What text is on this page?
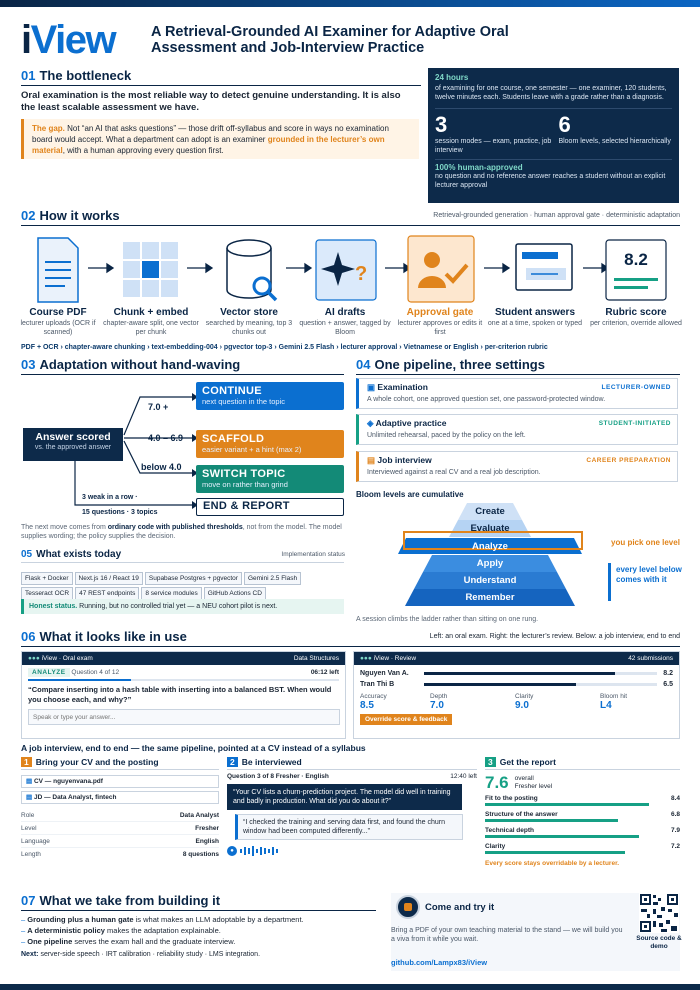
iView A Retrieval-Grounded AI Examiner for Adaptive Oral Assessment and Job-Interview Practice
01 The bottleneck
Oral examination is the most reliable way to detect genuine understanding. It is also the least scalable assessment we have.
The gap. Not “an AI that asks questions” — those drift off-syllabus and score in ways no examination board would accept. What a department can adopt is an examiner grounded in the lecturer’s own material, with a human approving every question first.
24 hours
of examining for one course, one semester — one examiner, 120 students, twelve minutes each. Students leave with a grade rather than a diagnosis.
3
session modes — exam, practice, job interview
6
Bloom levels, selected hierarchically
100% human-approved
no question and no reference answer reaches a student without an explicit lecturer approval
02 How it works	Retrieval-grounded generation · human approval gate · deterministic adaptation
?
8.2
Course PDF
lecturer uploads (OCR if scanned)
Chunk + embed
chapter-aware split, one vector per chunk
Vector store
searched by meaning, top 3 chunks out
AI drafts
question + answer, tagged by Bloom
Approval gate
lecturer approves or edits it first
Student answers
one at a time, spoken or typed
Rubric score
per criterion, override allowed
PDF + OCR › chapter-aware chunking › text-embedding-004 › pgvector top-3 › Gemini 2.5 Flash › lecturer approval › Vietnamese or English › per-criterion rubric
03 Adaptation without hand-waving
Answer scored
vs. the approved answer
7.0 +
4.0 – 6.9
below 4.0
3 weak in a row ·
15 questions · 3 topics
CONTINUE
next question in the topic
SCAFFOLD
easier variant + a hint (max 2)
SWITCH TOPIC
move on rather than grind
END & REPORT
The next move comes from ordinary code with published thresholds, not from the model. The model supplies wording; the policy supplies the decision.
05 What exists today	Implementation status
Flask + Docker Next.js 16 / React 19 Supabase Postgres + pgvector Gemini 2.5 Flash
Tesseract OCR 47 REST endpoints 8 service modules GitHub Actions CD
Honest status. Running, but no controlled trial yet — a NEU cohort pilot is next.
04 One pipeline, three settings
▣ Examination
A whole cohort, one approved question set, one password-protected window.
LECTURER-OWNED
◈ Adaptive practice
Unlimited rehearsal, paced by the policy on the left.
STUDENT-INITIATED
▤ Job interview
Interviewed against a real CV and a real job description.
CAREER PREPARATION
Bloom levels are cumulative
Create
Evaluate
Analyze
Apply
Understand
Remember
you pick one level
every level below comes with it
A session climbs the ladder rather than sitting on one rung.
06 What it looks like in use	Left: an oral exam. Right: the lecturer’s review. Below: a job interview, end to end
●●● iView · Oral exam	Data Structures
ANALYZE Question 4 of 12	06:12 left
“Compare inserting into a hash table with inserting into a balanced BST. When would you choose each, and why?”
Speak or type your answer...
●●● iView · Review	42 submissions
Nguyen Van A.	8.2
Tran Thi B	6.5
Accuracy
8.5
Depth
7.0
Clarity
9.0
Bloom hit
L4
Override score & feedback
A job interview, end to end — the same pipeline, pointed at a CV instead of a syllabus
1 Bring your CV and the posting
▤ CV — nguyenvana.pdf
▤ JD — Data Analyst, fintech
Role	Data Analyst
Level	Fresher
Language	English
Length	8 questions
2 Be interviewed
Question 3 of 8 Fresher · English	12:40 left
“Your CV lists a churn-prediction project. The model did well in training and badly in production. What did you do about it?”
“I checked the training and serving data first, and found the churn window had been computed differently...”
●
3 Get the report
7.6 overall
Fresher level
Fit to the posting	8.4
Structure of the answer	6.8
Technical depth	7.9
Clarity	7.2
Every score stays overridable by a lecturer.
07 What we take from building it
– Grounding plus a human gate is what makes an LLM adoptable by a department.
– A deterministic policy makes the adaptation explainable.
– One pipeline serves the exam hall and the graduate interview.
Next: server-side speech · IRT calibration · reliability study · LMS integration.
Come and try it
Bring a PDF of your own teaching material to the stand — we will build you a viva from it while you wait.
github.com/Lampx83/iView
Source code & demo
